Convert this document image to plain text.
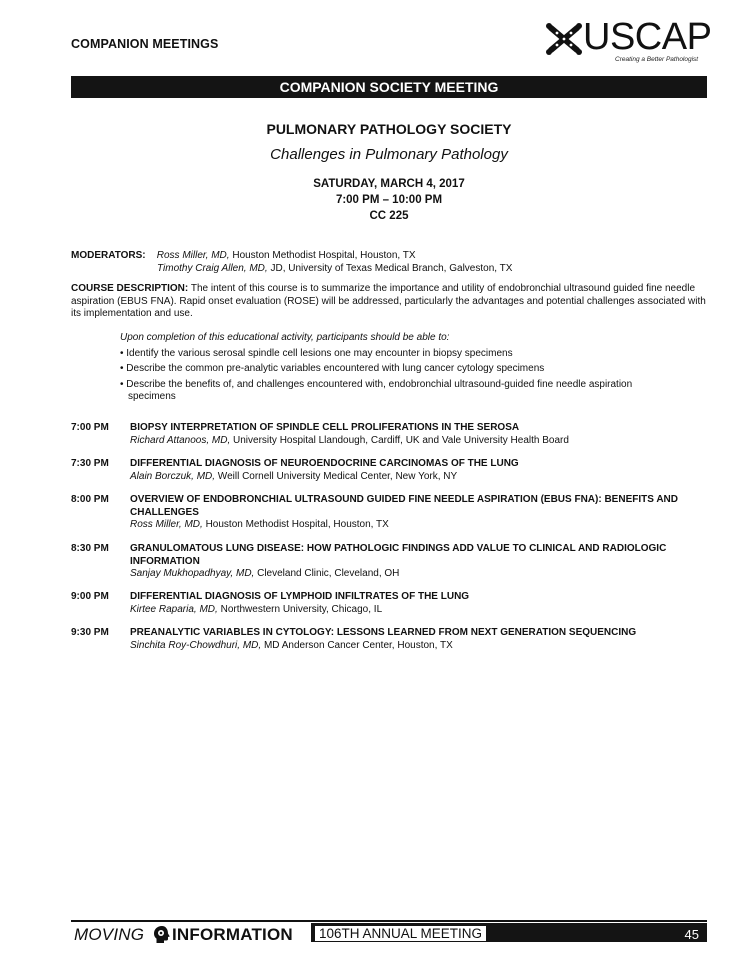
COMPANION MEETINGS	USCAP
Creating a Better Pathologist
COMPANION SOCIETY MEETING
PULMONARY PATHOLOGY SOCIETY
Challenges in Pulmonary Pathology
SATURDAY, MARCH 4, 2017
7:00 PM – 10:00 PM
CC 225
MODERATORS: Ross Miller, MD, Houston Methodist Hospital, Houston, TX
Timothy Craig Allen, MD, JD, University of Texas Medical Branch, Galveston, TX
COURSE DESCRIPTION: The intent of this course is to summarize the importance and utility of endobronchial ultrasound guided fine needle aspiration (EBUS FNA). Rapid onset evaluation (ROSE) will be addressed, particularly the advantages and potential challenges associated with its implementation and use.
Upon completion of this educational activity, participants should be able to:
• Identify the various serosal spindle cell lesions one may encounter in biopsy specimens
• Describe the common pre-analytic variables encountered with lung cancer cytology specimens
• Describe the benefits of, and challenges encountered with, endobronchial ultrasound-guided fine needle aspiration
specimens
7:00 PM	BIOPSY INTERPRETATION OF SPINDLE CELL PROLIFERATIONS IN THE SEROSA
Richard Attanoos, MD, University Hospital Llandough, Cardiff, UK and Vale University Health Board
7:30 PM	DIFFERENTIAL DIAGNOSIS OF NEUROENDOCRINE CARCINOMAS OF THE LUNG
Alain Borczuk, MD, Weill Cornell University Medical Center, New York, NY
8:00 PM	OVERVIEW OF ENDOBRONCHIAL ULTRASOUND GUIDED FINE NEEDLE ASPIRATION (EBUS FNA): BENEFITS AND CHALLENGES
Ross Miller, MD, Houston Methodist Hospital, Houston, TX
8:30 PM	GRANULOMATOUS LUNG DISEASE: HOW PATHOLOGIC FINDINGS ADD VALUE TO CLINICAL AND RADIOLOGIC INFORMATION
Sanjay Mukhopadhyay, MD, Cleveland Clinic, Cleveland, OH
9:00 PM	DIFFERENTIAL DIAGNOSIS OF LYMPHOID INFILTRATES OF THE LUNG
Kirtee Raparia, MD, Northwestern University, Chicago, IL
9:30 PM	PREANALYTIC VARIABLES IN CYTOLOGY: LESSONS LEARNED FROM NEXT GENERATION SEQUENCING
Sinchita Roy-Chowdhuri, MD, MD Anderson Cancer Center, Houston, TX
MOVING INFORMATION	45
106TH ANNUAL MEETING
